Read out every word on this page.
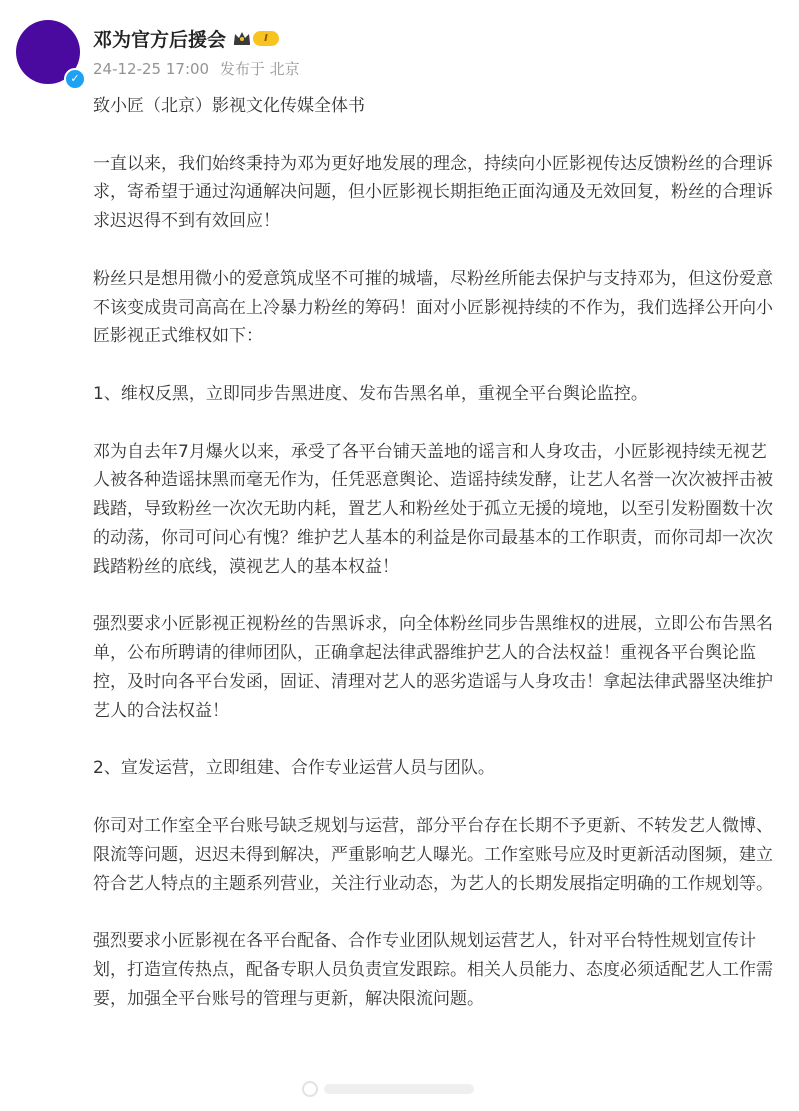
✓
邓为官方后援会	I
24-12-25 17:00 发布于 北京

致小匠（北京）影视文化传媒全体书

一直以来，我们始终秉持为邓为更好地发展的理念，持续向小匠影视传达反馈粉丝的合理诉求，寄希望于通过沟通解决问题，但小匠影视长期拒绝正面沟通及无效回复，粉丝的合理诉求迟迟得不到有效回应！

粉丝只是想用微小的爱意筑成坚不可摧的城墙，尽粉丝所能去保护与支持邓为，但这份爱意不该变成贵司高高在上冷暴力粉丝的筹码！面对小匠影视持续的不作为，我们选择公开向小匠影视正式维权如下：

1、维权反黑，立即同步告黑进度、发布告黑名单，重视全平台舆论监控。

邓为自去年7月爆火以来，承受了各平台铺天盖地的谣言和人身攻击，小匠影视持续无视艺人被各种造谣抹黑而毫无作为，任凭恶意舆论、造谣持续发酵，让艺人名誉一次次被抨击被践踏，导致粉丝一次次无助内耗，置艺人和粉丝处于孤立无援的境地，以至引发粉圈数十次的动荡，你司可问心有愧？维护艺人基本的利益是你司最基本的工作职责，而你司却一次次践踏粉丝的底线，漠视艺人的基本权益！

强烈要求小匠影视正视粉丝的告黑诉求，向全体粉丝同步告黑维权的进展，立即公布告黑名单，公布所聘请的律师团队，正确拿起法律武器维护艺人的合法权益！重视各平台舆论监控，及时向各平台发函，固证、清理对艺人的恶劣造谣与人身攻击！拿起法律武器坚决维护艺人的合法权益！

2、宣发运营，立即组建、合作专业运营人员与团队。

你司对工作室全平台账号缺乏规划与运营，部分平台存在长期不予更新、不转发艺人微博、限流等问题，迟迟未得到解决，严重影响艺人曝光。工作室账号应及时更新活动图频，建立符合艺人特点的主题系列营业，关注行业动态，为艺人的长期发展指定明确的工作规划等。

强烈要求小匠影视在各平台配备、合作专业团队规划运营艺人，针对平台特性规划宣传计划，打造宣传热点，配备专职人员负责宣发跟踪。相关人员能力、态度必须适配艺人工作需要，加强全平台账号的管理与更新，解决限流问题。
